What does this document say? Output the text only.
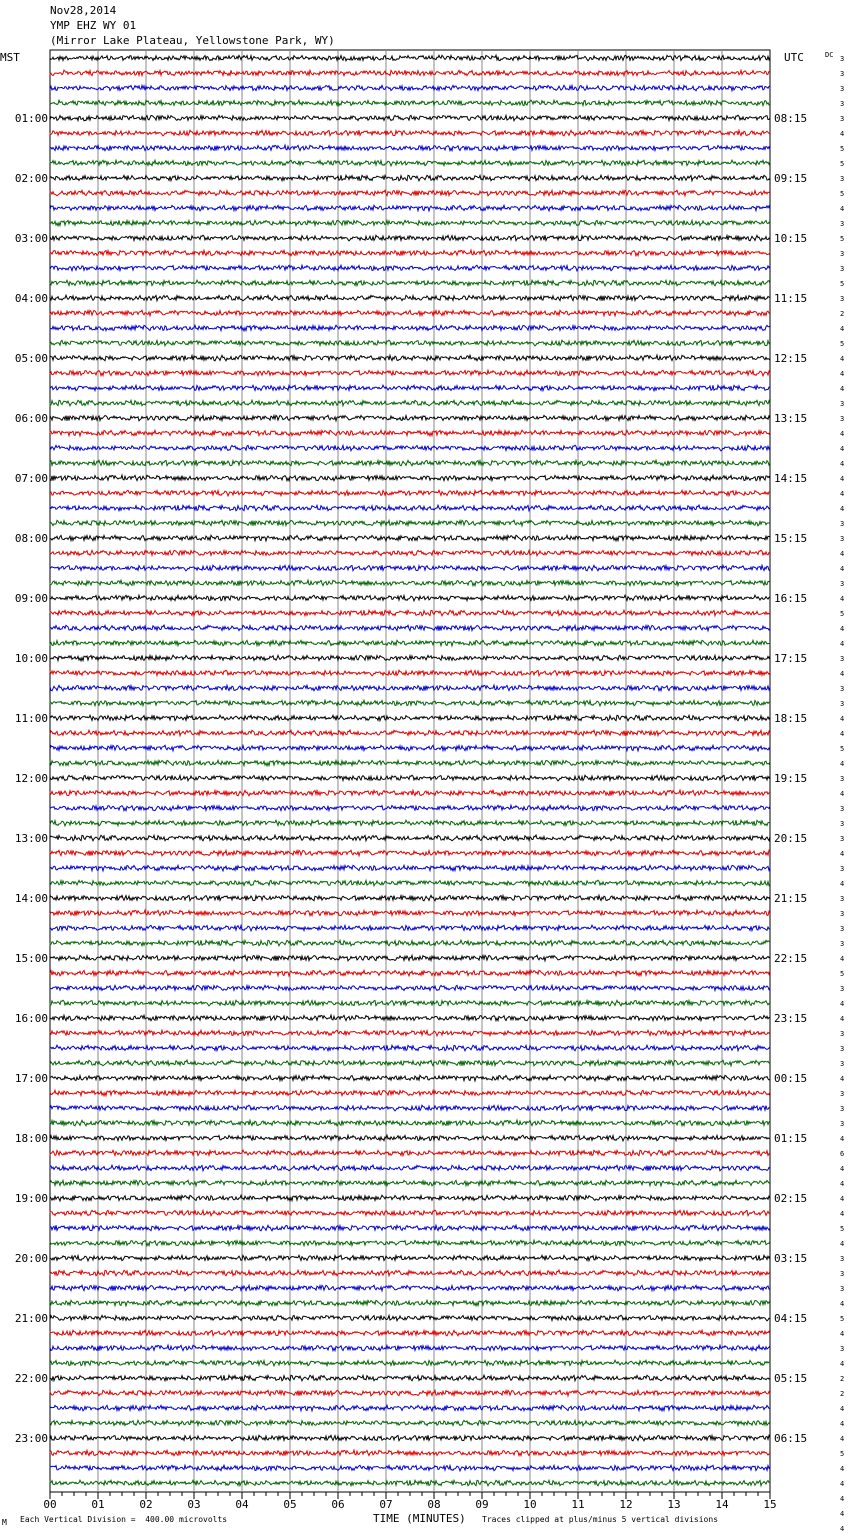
Nov28,2014
YMP EHZ WY 01
(Mirror Lake Plateau, Yellowstone Park, WY)
MST	UTC	DC
01:00	08:15
02:00	09:15
03:00	10:15
04:00	11:15
05:00	12:15
06:00	13:15
07:00	14:15
08:00	15:15
09:00	16:15
10:00	17:15
11:00	18:15
12:00	19:15
13:00	20:15
14:00	21:15
15:00	22:15
16:00	23:15
17:00	00:15
18:00	01:15
19:00	02:15
20:00	03:15
21:00	04:15
22:00	05:15
23:00	06:15
3
3
3
3
3
4
5
5
3
5
4
3
5
3
3
5
3
2
4
5
4
4
4
3
3
4
4
4
4
4
4
3
3
4
4
3
4
5
4
4
3
4
3
3
4
4
5
4
3
4
3
3
3
4
3
4
3
3
3
3
4
5
3
4
4
3
3
3
4
3
3
3
4
6
4
4
4
4
5
4
3
3
3
4
5
4
3
4
2
2
4
4
4
5
4
4
4
4
4
00	01	02	03	04	05	06	07	08	09	10	11	12	13	14	15
M Each Vertical Division =  400.00 microvolts	TIME (MINUTES) Traces clipped at plus/minus 5 vertical divisions
